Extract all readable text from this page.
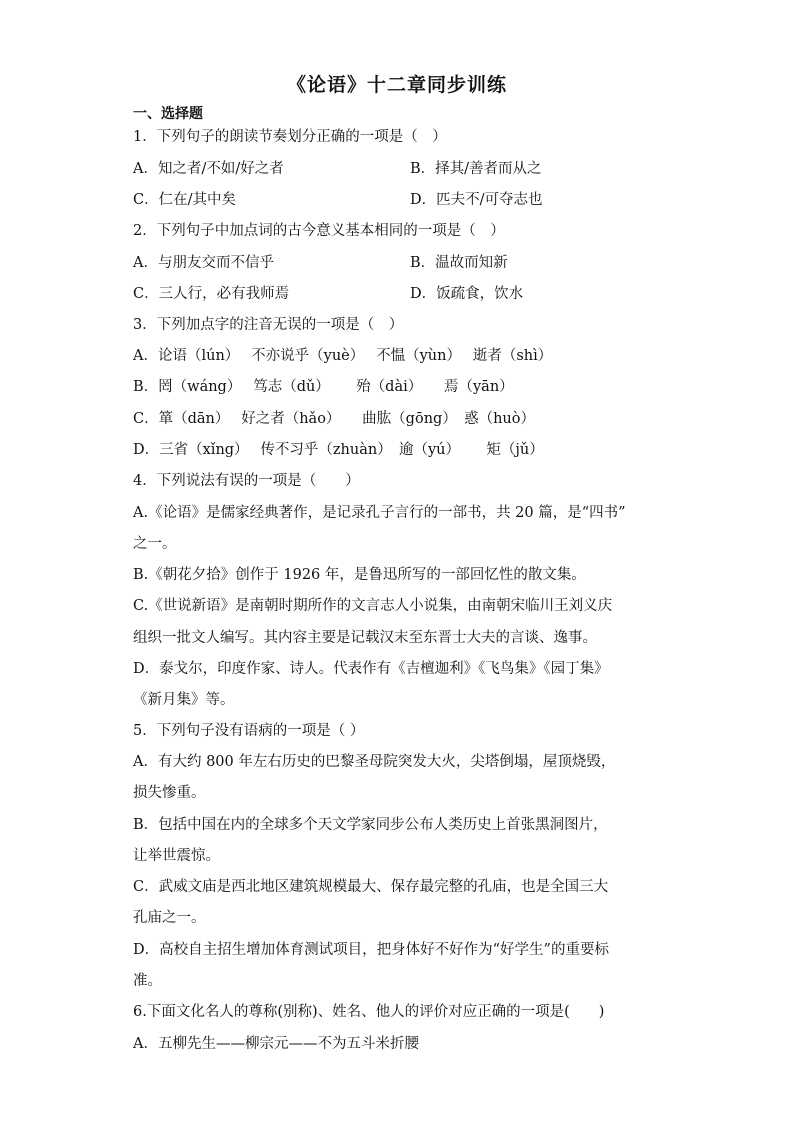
《论语》十二章同步训练
一、选择题
1．下列句子的朗读节奏划分正确的一项是（　）
A．知之者/不如/好之者	B．择其/善者而从之
C．仁在/其中矣	D．匹夫不/可夺志也
2．下列句子中加点词的古今意义基本相同的一项是（　）
A．与朋友交而不信乎	B．温故而知新
C．三人行，必有我师焉	D．饭疏食，饮水
3．下列加点字的注音无误的一项是（　）
A．论语（lún）　 不亦说乎（yuè）　 不愠（yùn）　 逝者（shì）
B．罔（wáng）　 笃志（dǔ）　　 殆（dài）　　焉（yān）
C．箪（dān）　 好之者（hǎo）　　曲肱（gōng）　惑（huò）
D．三省（xǐng）　 传不习乎（zhuàn）　逾（yú）　　 矩（jǔ）
4．下列说法有误的一项是（　　）
A.《论语》是儒家经典著作，是记录孔子言行的一部书，共 20 篇，是“四书”
之一。
B.《朝花夕拾》创作于 1926 年，是鲁迅所写的一部回忆性的散文集。
C.《世说新语》是南朝时期所作的文言志人小说集，由南朝宋临川王刘义庆
组织一批文人编写。其内容主要是记载汉末至东晋士大夫的言谈、逸事。
D．泰戈尔，印度作家、诗人。代表作有《吉檀迦利》《飞鸟集》《园丁集》
《新月集》等。
5．下列句子没有语病的一项是（ ）
A．有大约 800 年左右历史的巴黎圣母院突发大火，尖塔倒塌，屋顶烧毁，
损失惨重。
B．包括中国在内的全球多个天文学家同步公布人类历史上首张黑洞图片，
让举世震惊。
C．武威文庙是西北地区建筑规模最大、保存最完整的孔庙，也是全国三大
孔庙之一。
D．高校自主招生增加体育测试项目，把身体好不好作为“好学生”的重要标
准。
6.下面文化名人的尊称(别称)、姓名、他人的评价对应正确的一项是(　　)
A．五柳先生——柳宗元——不为五斗米折腰
